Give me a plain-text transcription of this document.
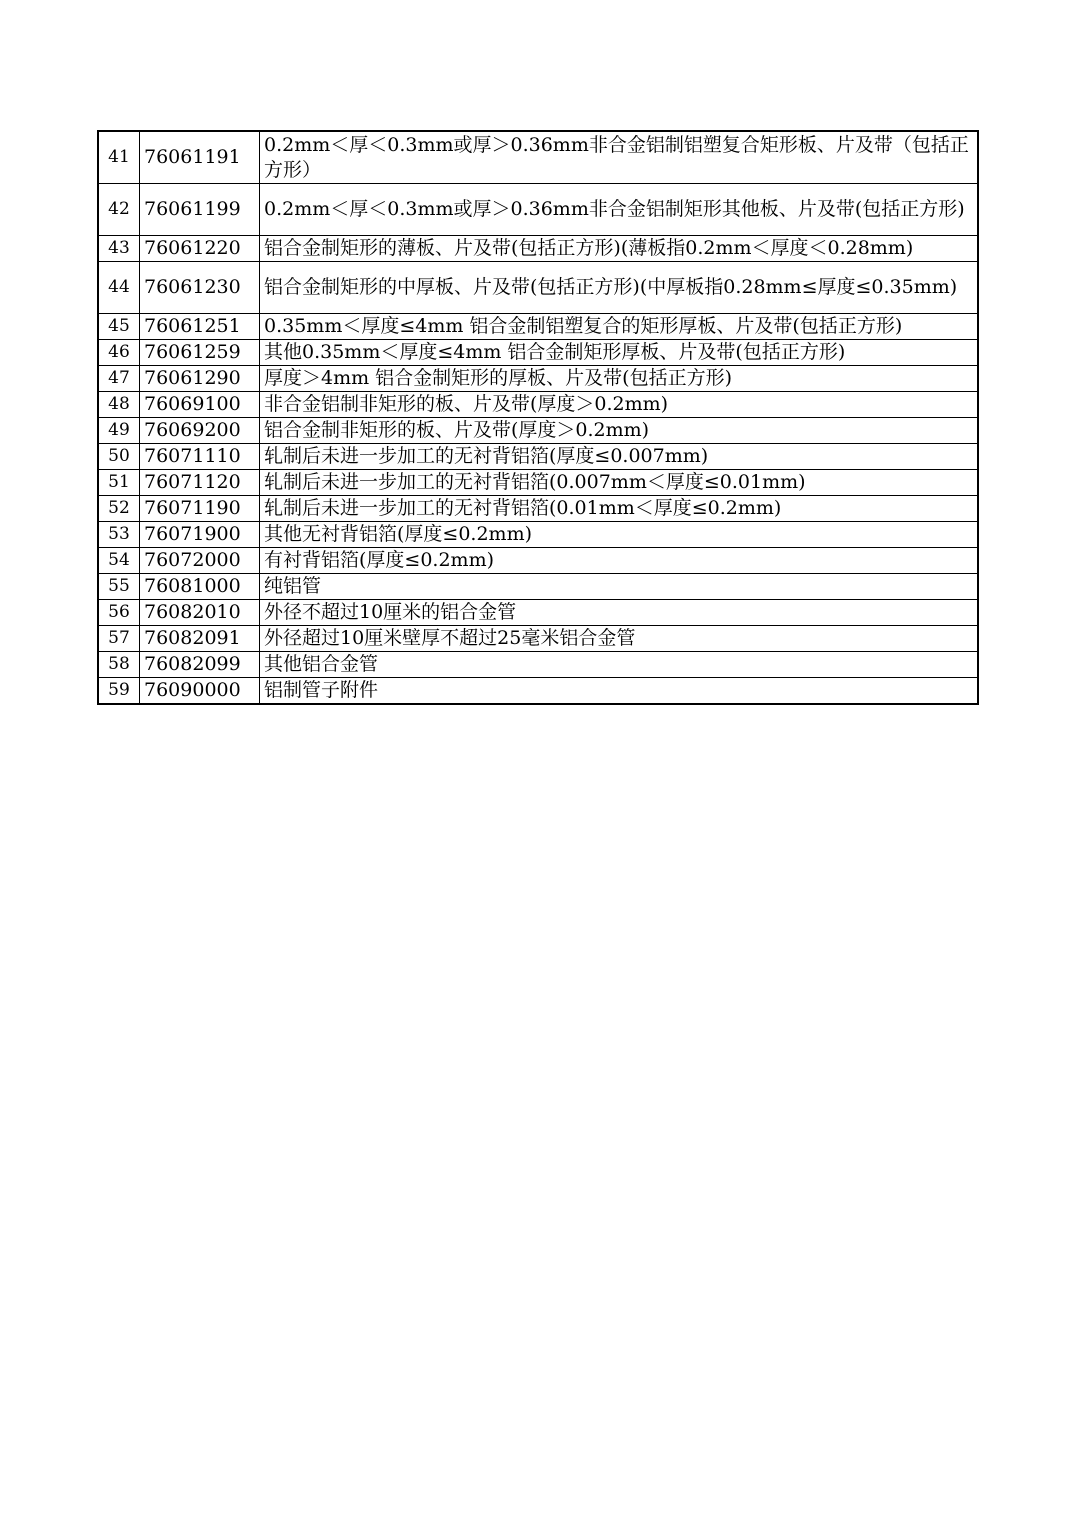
41	76061191	0.2mm＜厚＜0.3mm或厚＞0.36mm非合金铝制铝塑复合矩形板、片及带（包括正方形）
42	76061199	0.2mm＜厚＜0.3mm或厚＞0.36mm非合金铝制矩形其他板、片及带(包括正方形)
43	76061220	铝合金制矩形的薄板、片及带(包括正方形)(薄板指0.2mm＜厚度＜0.28mm)
44	76061230	铝合金制矩形的中厚板、片及带(包括正方形)(中厚板指0.28mm≤厚度≤0.35mm)
45	76061251	0.35mm＜厚度≤4mm 铝合金制铝塑复合的矩形厚板、片及带(包括正方形)
46	76061259	其他0.35mm＜厚度≤4mm 铝合金制矩形厚板、片及带(包括正方形)
47	76061290	厚度＞4mm 铝合金制矩形的厚板、片及带(包括正方形)
48	76069100	非合金铝制非矩形的板、片及带(厚度＞0.2mm)
49	76069200	铝合金制非矩形的板、片及带(厚度＞0.2mm)
50	76071110	轧制后未进一步加工的无衬背铝箔(厚度≤0.007mm)
51	76071120	轧制后未进一步加工的无衬背铝箔(0.007mm＜厚度≤0.01mm)
52	76071190	轧制后未进一步加工的无衬背铝箔(0.01mm＜厚度≤0.2mm)
53	76071900	其他无衬背铝箔(厚度≤0.2mm)
54	76072000	有衬背铝箔(厚度≤0.2mm)
55	76081000	纯铝管
56	76082010	外径不超过10厘米的铝合金管
57	76082091	外径超过10厘米壁厚不超过25毫米铝合金管
58	76082099	其他铝合金管
59	76090000	铝制管子附件
